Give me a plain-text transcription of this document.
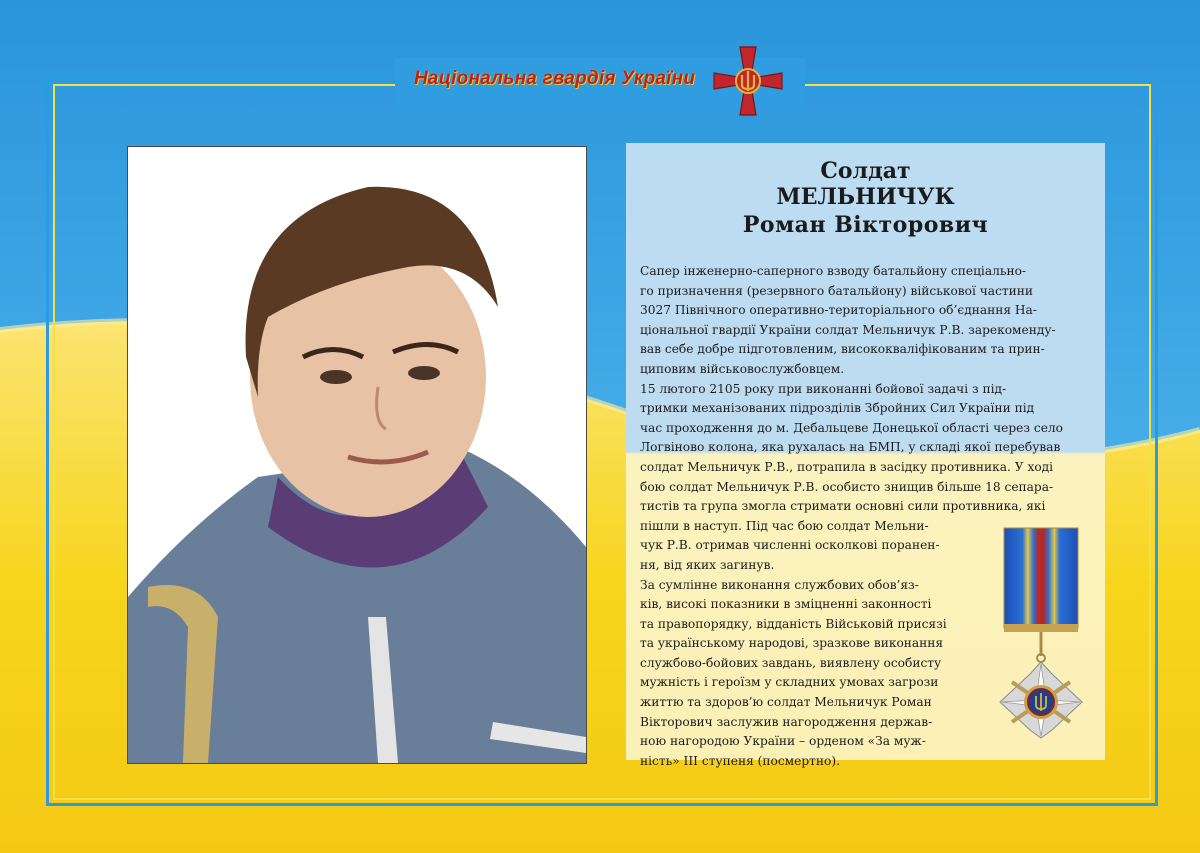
Національна гвардія України
Солдат
МЕЛЬНИЧУК
Роман Вікторович
Сапер інженерно-саперного взводу батальйону спеціально-
го призначення (резервного батальйону) військової частини
3027 Північного оперативно-територіального об’єднання На-
ціональної гвардії України солдат Мельничук Р.В. зарекоменду-
вав себе добре підготовленим, висококваліфікованим та прин-
циповим військовослужбовцем.
15 лютого 2105 року при виконанні бойової задачі з під-
тримки механізованих підрозділів Збройних Сил України під
час проходження до м. Дебальцеве Донецької області через село
Логвіново колона, яка рухалась на БМП, у складі якої перебував
солдат Мельничук Р.В., потрапила в засідку противника. У ході
бою солдат Мельничук Р.В. особисто знищив більше 18 сепара-
тистів та група змогла стримати основні сили противника, які
пішли в наступ. Під час бою солдат Мельни-
чук Р.В. отримав численні осколкові поранен-
ня, від яких загинув.
За сумлінне виконання службових обов’яз-
ків, високі показники в зміцненні законності
та правопорядку, відданість Військовій присязі
та українському народові, зразкове виконання
службово-бойових завдань, виявлену особисту
мужність і героїзм у складних умовах загрози
життю та здоров’ю солдат Мельничук Роман
Вікторович заслужив нагородження держав-
ною нагородою України – орденом «За муж-
ність» ІІІ ступеня (посмертно).
